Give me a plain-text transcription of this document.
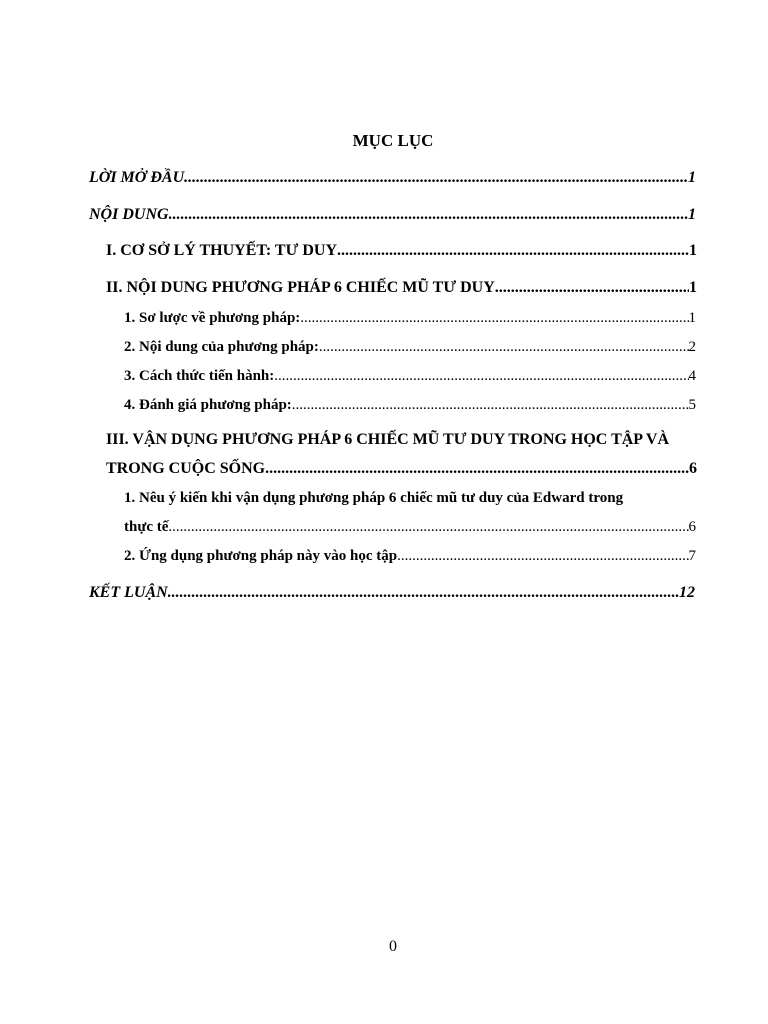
MỤC LỤC
LỜI MỞ ĐẦU .....	1
NỘI DUNG .....	1
I. CƠ SỞ LÝ THUYẾT: TƯ DUY .....	1
II. NỘI DUNG PHƯƠNG PHÁP 6 CHIẾC MŨ TƯ DUY .....	1
1. Sơ lược về phương pháp: .....	1
2. Nội dung của phương pháp: .....	2
3. Cách thức tiến hành: .....	4
4. Đánh giá phương pháp: .....	5
III. VẬN DỤNG PHƯƠNG PHÁP 6 CHIẾC MŨ TƯ DUY TRONG HỌC TẬP VÀ
TRONG CUỘC SỐNG .....	6
1. Nêu ý kiến khi vận dụng phương pháp 6 chiếc mũ tư duy của Edward trong
thực tế .....	6
2. Ứng dụng phương pháp này vào học tập .....	7
KẾT LUẬN .....	12
0
